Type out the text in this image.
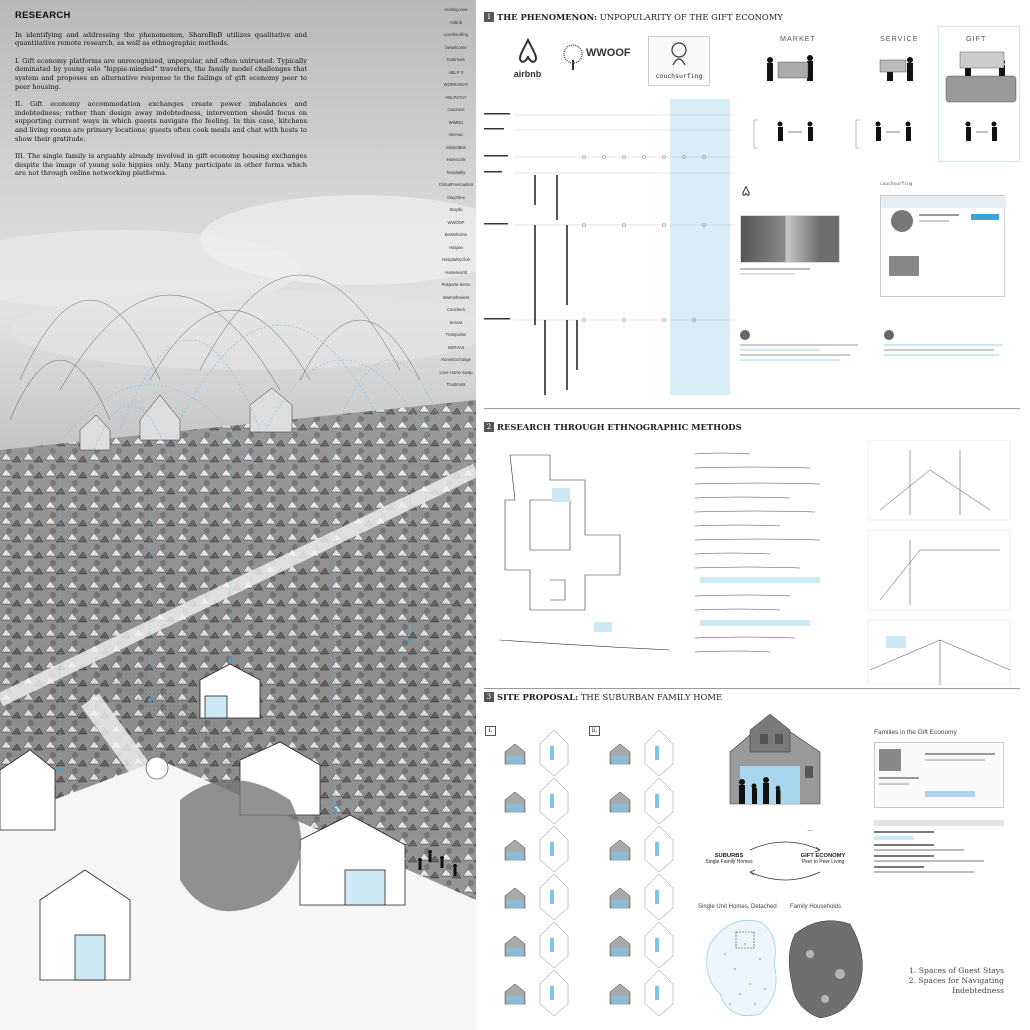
RESEARCH

In identifying and addressing the phenomenon, ShareBnB utilizes qualitative and quantitative remote research, as well as ethnographic methods.

I. Gift economy platforms are unrecognized, unpopular, and often untrusted. Typically dominated by young solo "hippie-minded" travelers, the family model challenges that system and proposes an alternative response to the failings of gift economy peer to peer housing.

II. Gift economy accommodation exchanges create power imbalances and indebtedness; rather than design away indebtedness, intervention should focus on supporting current ways in which guests navigate the feeling. In this case, kitchens and living rooms are primary locations; guests often cook meals and chat with hosts to show their gratitude.

III. The single family is arguably already involved in gift economy housing exchanges despite the image of young solo hippies only. Many participate in other forms which are not through online networking platforms.

Hosting now
Airbnb
couchsurfing
bewelcome
trustroots
HELP X
WORKAWAY
HELPSTAY
couchers
WIMDU
Intervac
Mistertbnb
HomeLink
hospitality
GlobalFreeloaders
Stay4free
Staydu
WWOOF
BeWelcome
Hospex
HospitalityClub
Hostelworld
Pasporta Servo
Warmshowers
Couchers
Servas
Trampolinn
SERVAS
HomeExchange
Love Home Swap
Trustroots
1 THE PHENOMENON: UNPOPULARITY OF THE GIFT ECONOMY
airbnb
WWOOF
couchsurfing
MARKET	SERVICE	GIFT
couchsurfing
2 RESEARCH THROUGH ETHNOGRAPHIC METHODS
3 SITE PROPOSAL: THE SUBURBAN FAMILY HOME
i.	ii.
—
SUBURBS
Single Family Homes
GIFT ECONOMY
Peer to Peer Living
Families in the Gift Economy
Single Unit Homes, Detached Family Households
1. Spaces of Guest Stays
2. Spaces for Navigating
Indebtedness
